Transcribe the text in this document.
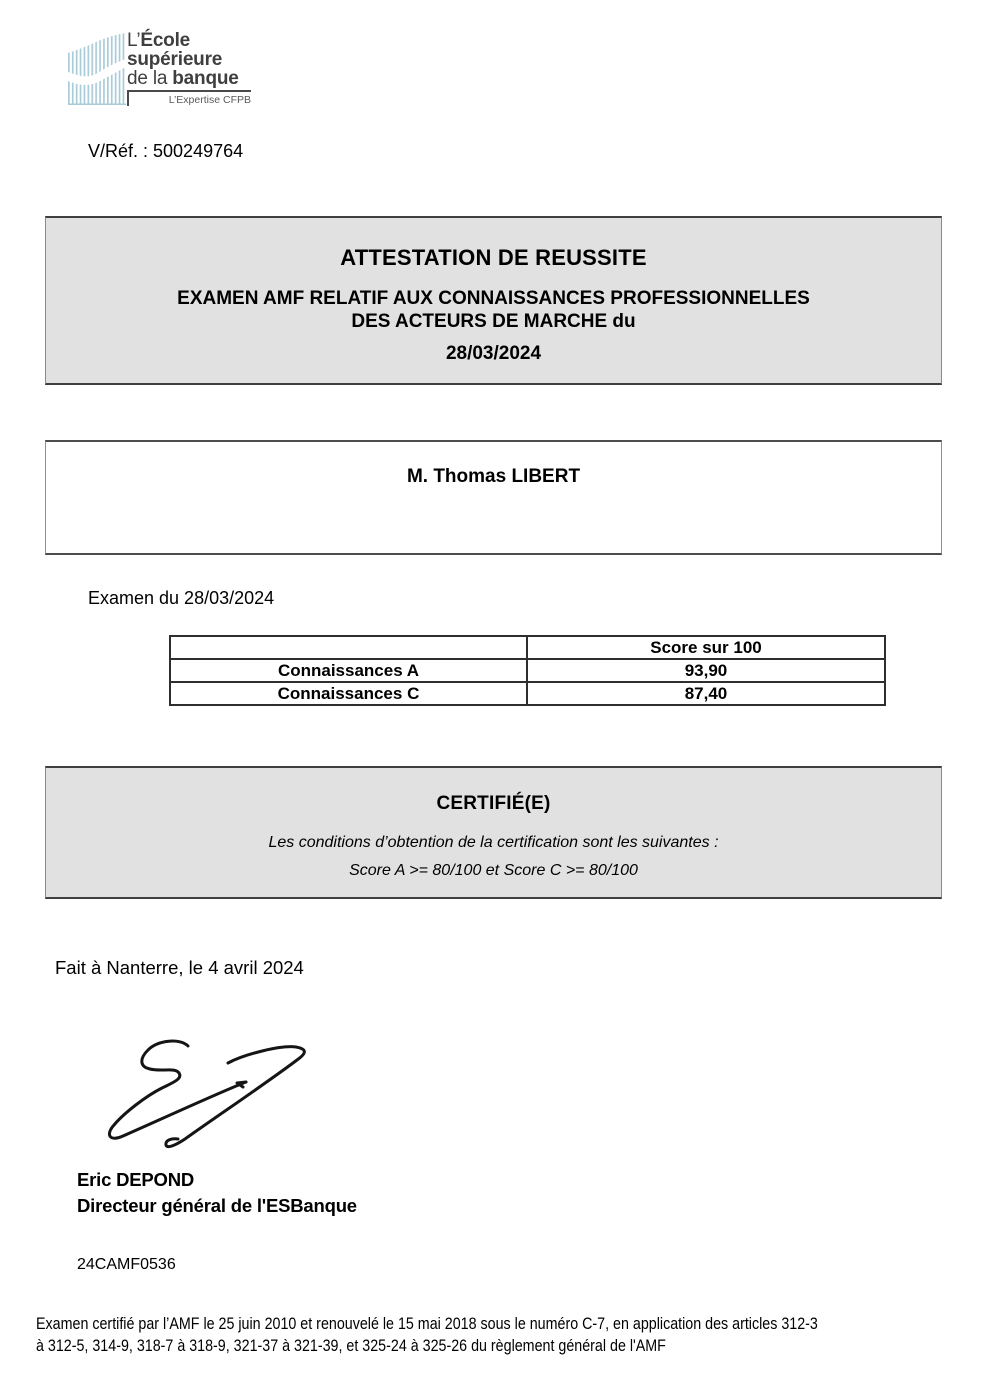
L’École
supérieure
de la banque
L’Expertise CFPB
V/Réf. : 500249764
ATTESTATION DE REUSSITE
EXAMEN AMF RELATIF AUX CONNAISSANCES PROFESSIONNELLES
DES ACTEURS DE MARCHE du
28/03/2024
M. Thomas LIBERT
Examen du 28/03/2024
	Score sur 100
Connaissances A	93,90
Connaissances C	87,40
CERTIFIÉ(E)
Les conditions d’obtention de la certification sont les suivantes :
Score A >= 80/100 et Score C >= 80/100
Fait à Nanterre, le 4 avril 2024
Eric DEPOND
Directeur général de l'ESBanque
24CAMF0536
Examen certifié par l’AMF le 25 juin 2010 et renouvelé le 15 mai 2018 sous le numéro C-7, en application des articles 312-3
à 312-5, 314-9, 318-7 à 318-9, 321-37 à 321-39, et 325-24 à 325-26 du règlement général de l'AMF
